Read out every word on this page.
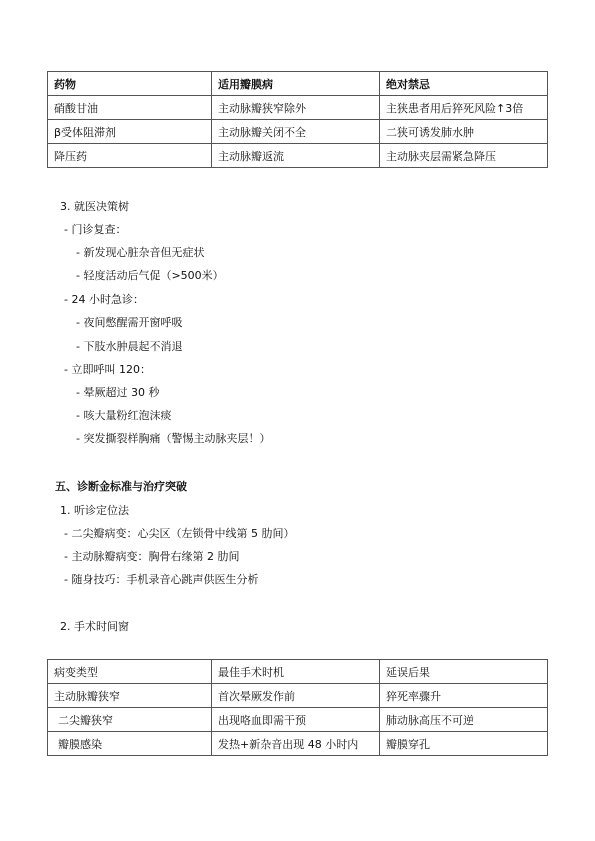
药物	适用瓣膜病	绝对禁忌
硝酸甘油	主动脉瓣狭窄除外	主狭患者用后猝死风险↑3倍
β受体阻滞剂	主动脉瓣关闭不全	二狭可诱发肺水肿
降压药	主动脉瓣返流	主动脉夹层需紧急降压
3. 就医决策树
- 门诊复查：
- 新发现心脏杂音但无症状
- 轻度活动后气促（>500米）
- 24 小时急诊：
- 夜间憋醒需开窗呼吸
- 下肢水肿晨起不消退
- 立即呼叫 120：
- 晕厥超过 30 秒
- 咳大量粉红泡沫痰
- 突发撕裂样胸痛（警惕主动脉夹层！）
五、诊断金标准与治疗突破
1. 听诊定位法
- 二尖瓣病变：心尖区（左锁骨中线第 5 肋间）
- 主动脉瓣病变：胸骨右缘第 2 肋间
- 随身技巧：手机录音心跳声供医生分析
2. 手术时间窗
病变类型	最佳手术时机	延误后果
主动脉瓣狭窄	首次晕厥发作前	猝死率骤升
二尖瓣狭窄	出现咯血即需干预	肺动脉高压不可逆
瓣膜感染	发热+新杂音出现 48 小时内	瓣膜穿孔
